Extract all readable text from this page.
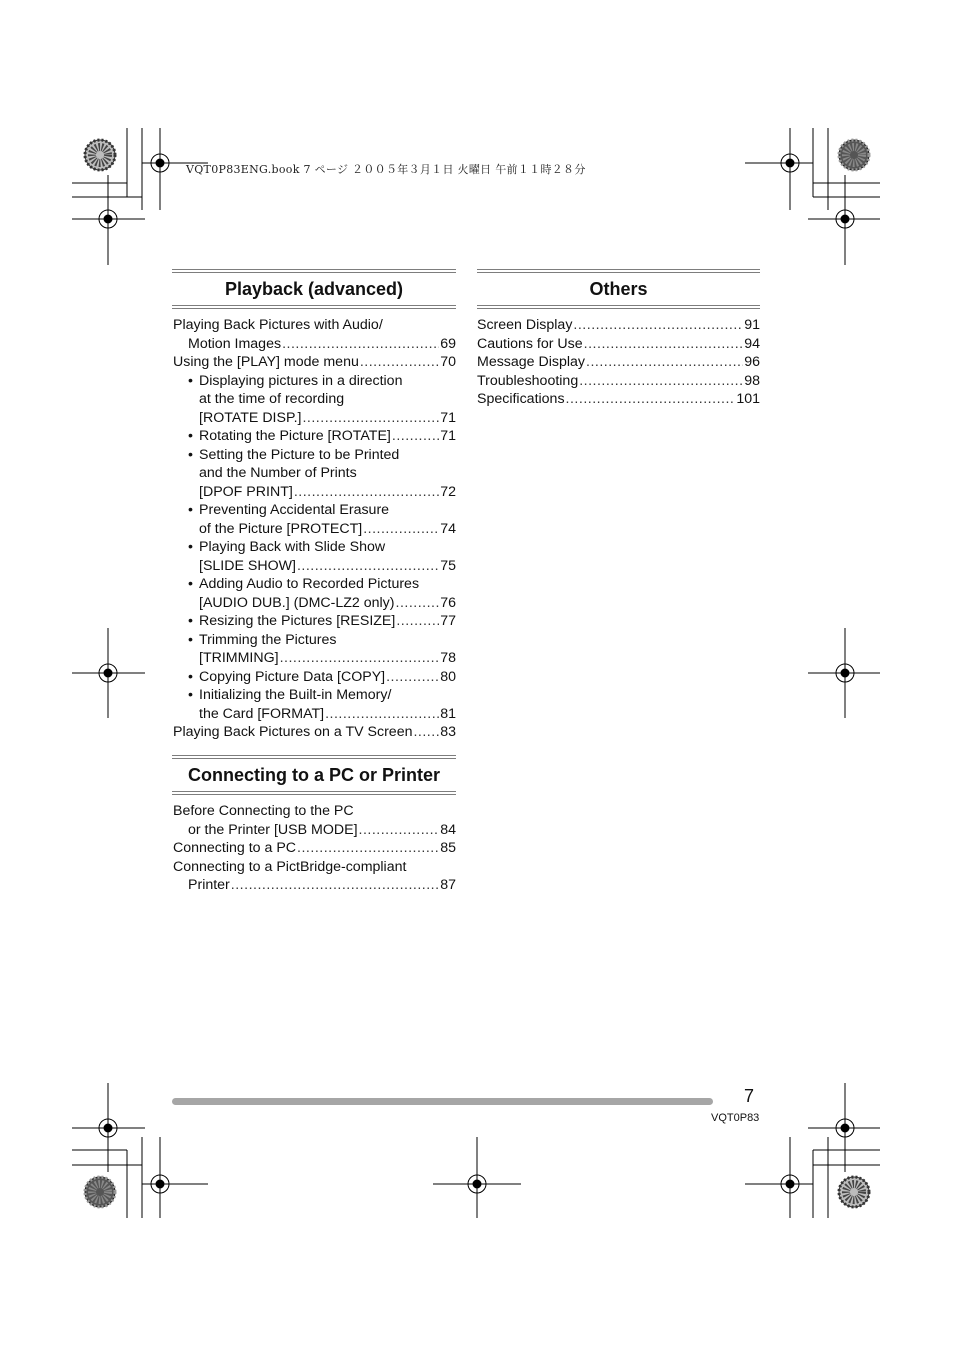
VQT0P83ENG.book 7 ページ ２００５年３月１日 火曜日 午前１１時２８分
Playback (advanced)
Playing Back Pictures with Audio/
Motion Images .....	69
Using the [PLAY] mode menu .....	70
• Displaying pictures in a direction
at the time of recording
[ROTATE DISP.] .....	71
• Rotating the Picture [ROTATE] .....	71
• Setting the Picture to be Printed
and the Number of Prints
[DPOF PRINT] .....	72
• Preventing Accidental Erasure
of the Picture [PROTECT] .....	74
• Playing Back with Slide Show
[SLIDE SHOW] .....	75
• Adding Audio to Recorded Pictures
[AUDIO DUB.] (DMC-LZ2 only) .....	76
• Resizing the Pictures [RESIZE] .....	77
• Trimming the Pictures
[TRIMMING] .....	78
• Copying Picture Data [COPY] .....	80
• Initializing the Built-in Memory/
the Card [FORMAT] .....	81
Playing Back Pictures on a TV Screen ..... 83
Connecting to a PC or Printer
Before Connecting to the PC
or the Printer [USB MODE] .....	84
Connecting to a PC .....	85
Connecting to a PictBridge-compliant
Printer .....	87
Others
Screen Display .....	91
Cautions for Use .....	94
Message Display .....	96
Troubleshooting .....	98
Specifications .....	101
7
VQT0P83
